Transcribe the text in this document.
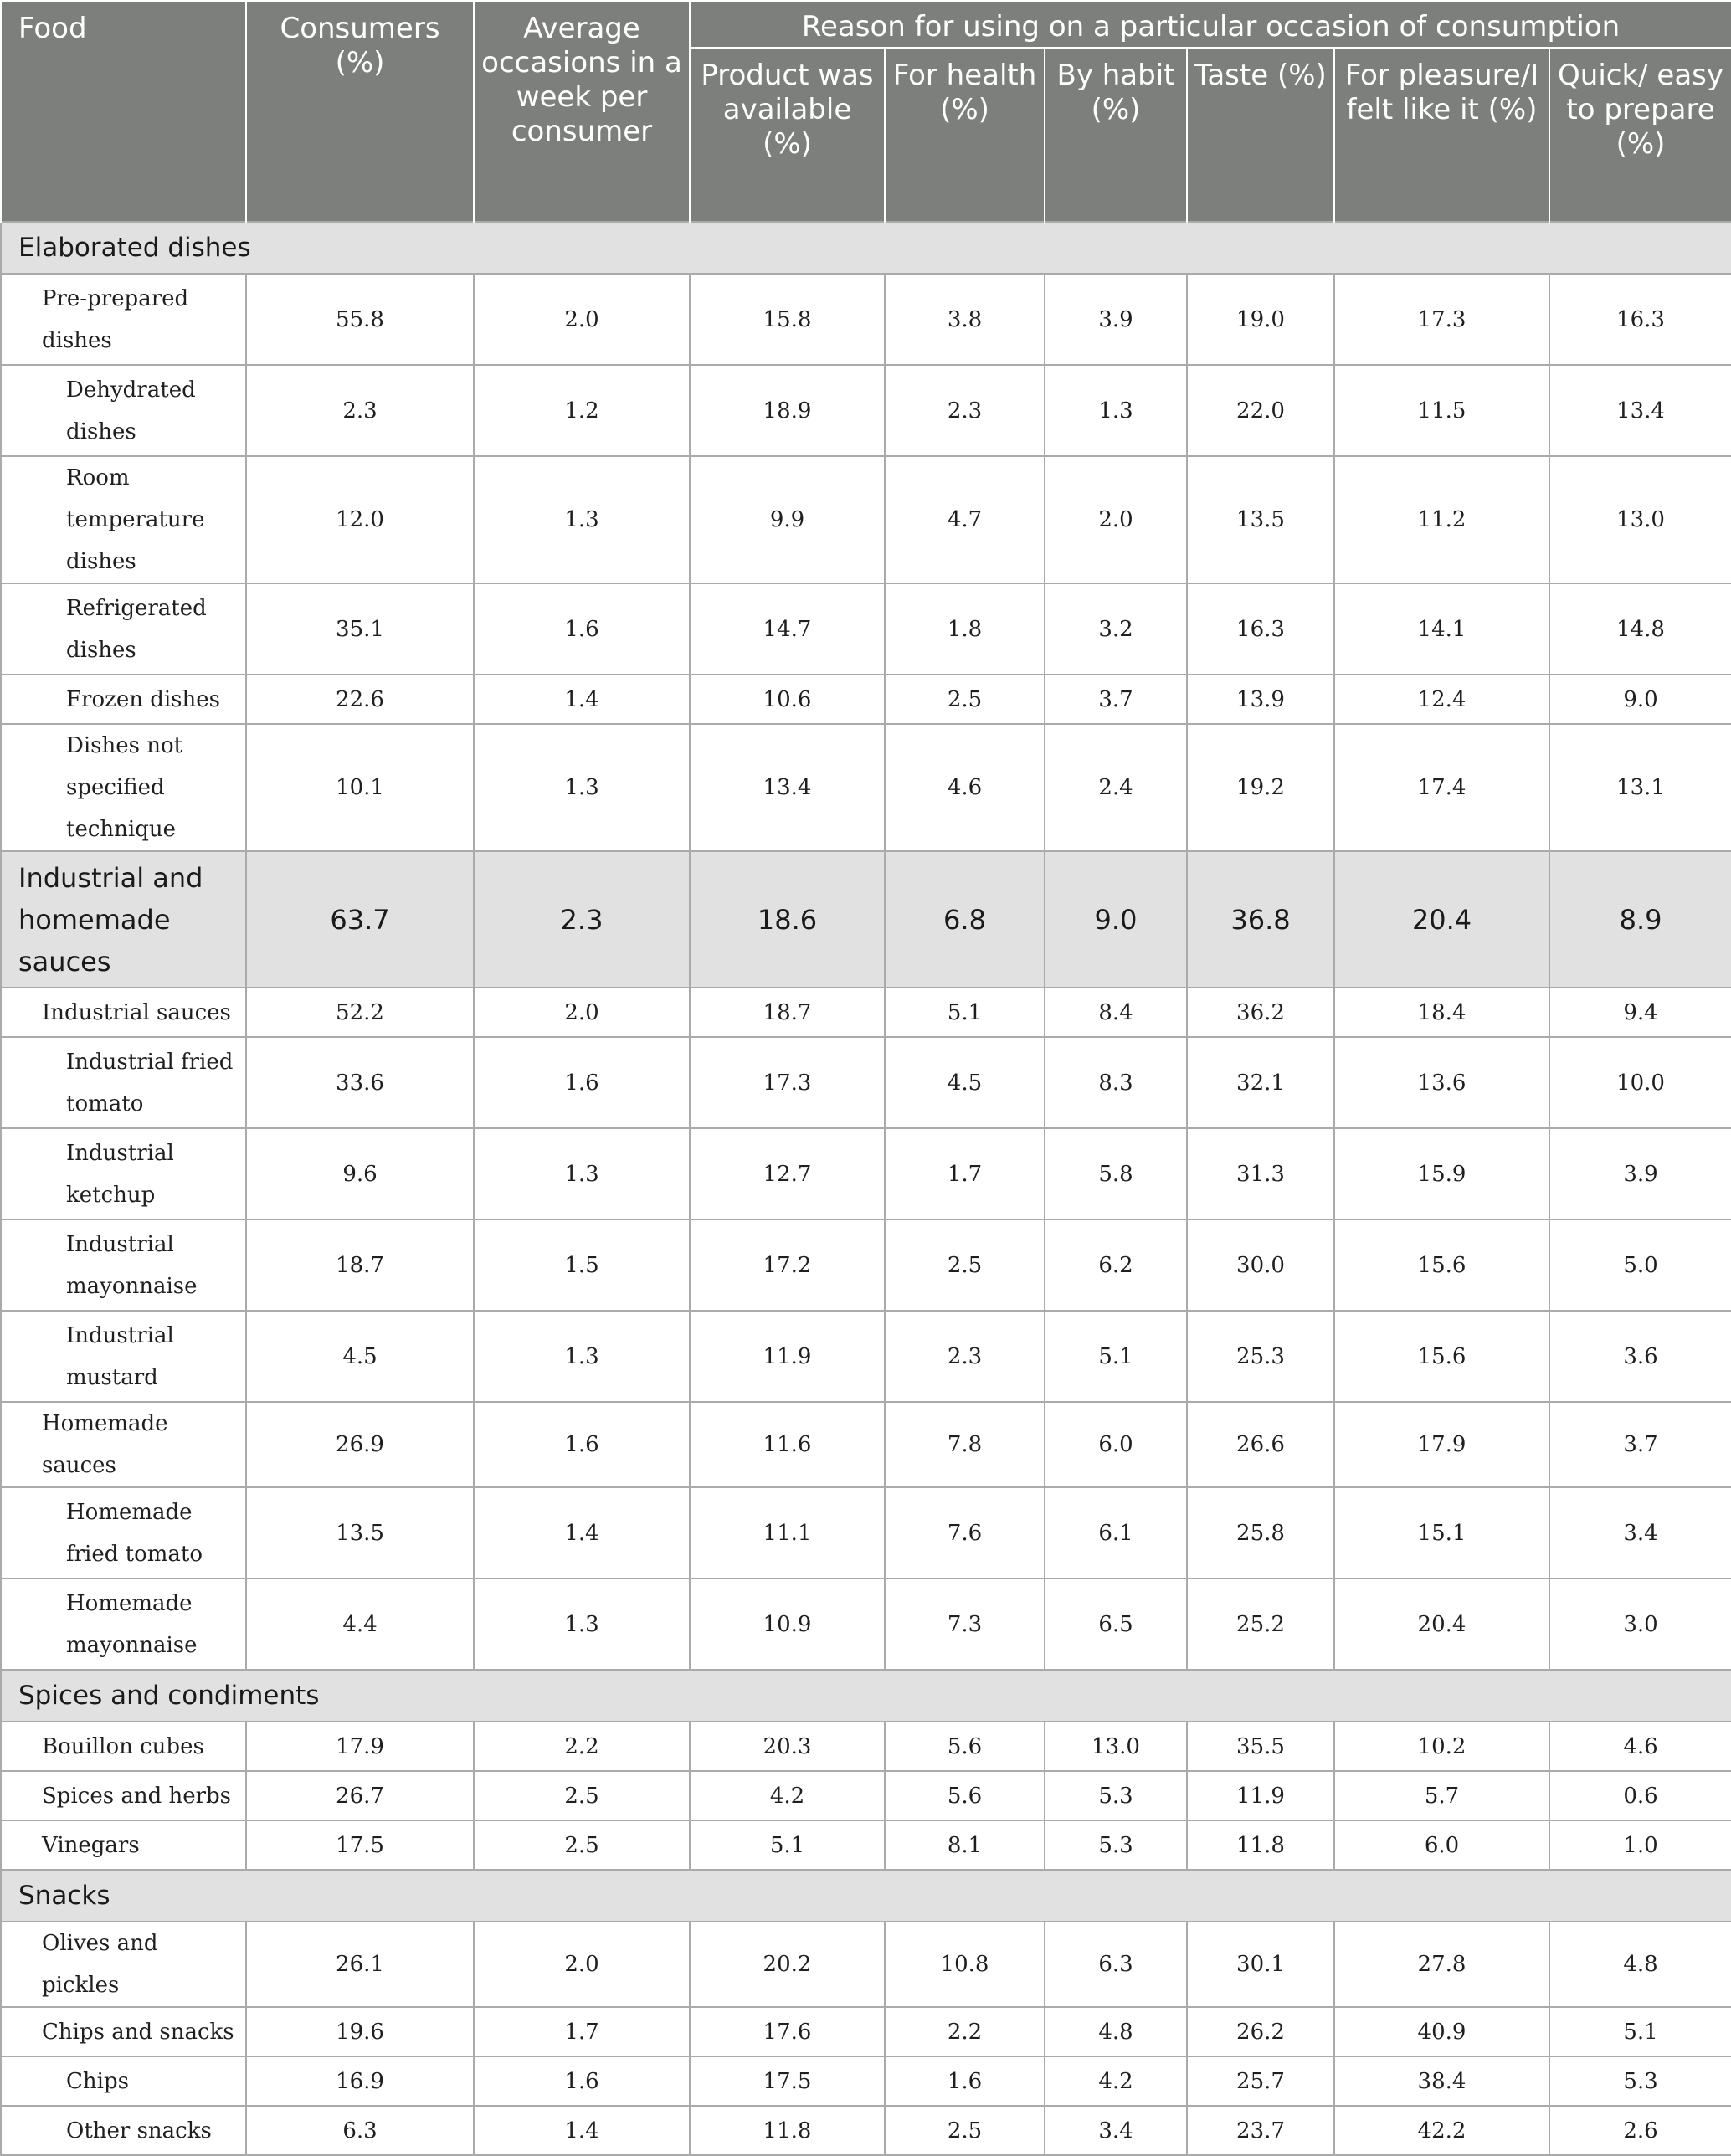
Food	Consumers (%)	Average occasions in a week per consumer	Reason for using on a particular occasion of consumption					
			Product was available (%)	For health (%)	By habit (%)	Taste (%)	For pleasure/I felt like it (%)	Quick/ easy to prepare (%)
Elaborated dishes								
Pre-prepared dishes	55.8	2.0	15.8	3.8	3.9	19.0	17.3	16.3
Dehydrated dishes	2.3	1.2	18.9	2.3	1.3	22.0	11.5	13.4
Room temperature dishes	12.0	1.3	9.9	4.7	2.0	13.5	11.2	13.0
Refrigerated dishes	35.1	1.6	14.7	1.8	3.2	16.3	14.1	14.8
Frozen dishes	22.6	1.4	10.6	2.5	3.7	13.9	12.4	9.0
Dishes not specified technique	10.1	1.3	13.4	4.6	2.4	19.2	17.4	13.1
Industrial and homemade sauces	63.7	2.3	18.6	6.8	9.0	36.8	20.4	8.9
Industrial sauces	52.2	2.0	18.7	5.1	8.4	36.2	18.4	9.4
Industrial fried tomato	33.6	1.6	17.3	4.5	8.3	32.1	13.6	10.0
Industrial ketchup	9.6	1.3	12.7	1.7	5.8	31.3	15.9	3.9
Industrial mayonnaise	18.7	1.5	17.2	2.5	6.2	30.0	15.6	5.0
Industrial mustard	4.5	1.3	11.9	2.3	5.1	25.3	15.6	3.6
Homemade sauces	26.9	1.6	11.6	7.8	6.0	26.6	17.9	3.7
Homemade fried tomato	13.5	1.4	11.1	7.6	6.1	25.8	15.1	3.4
Homemade mayonnaise	4.4	1.3	10.9	7.3	6.5	25.2	20.4	3.0
Spices and condiments								
Bouillon cubes	17.9	2.2	20.3	5.6	13.0	35.5	10.2	4.6
Spices and herbs	26.7	2.5	4.2	5.6	5.3	11.9	5.7	0.6
Vinegars	17.5	2.5	5.1	8.1	5.3	11.8	6.0	1.0
Snacks								
Olives and pickles	26.1	2.0	20.2	10.8	6.3	30.1	27.8	4.8
Chips and snacks	19.6	1.7	17.6	2.2	4.8	26.2	40.9	5.1
Chips	16.9	1.6	17.5	1.6	4.2	25.7	38.4	5.3
Other snacks	6.3	1.4	11.8	2.5	3.4	23.7	42.2	2.6
